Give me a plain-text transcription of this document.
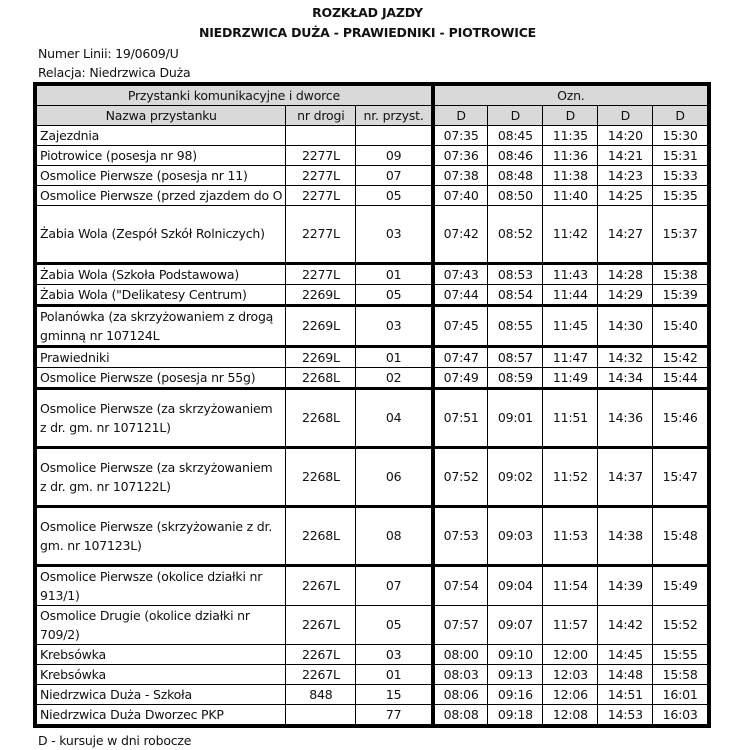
ROZKŁAD JAZDY
NIEDRZWICA DUŻA - PRAWIEDNIKI - PIOTROWICE
Numer Linii: 19/0609/U
Relacja: Niedrzwica Duża
Przystanki komunikacyjne i dworce			Ozn.				
Nazwa przystanku	nr drogi	nr. przyst.	D	D	D	D	D
Zajezdnia			07:35	08:45	11:35	14:20	15:30
Piotrowice (posesja nr 98)	2277L	09	07:36	08:46	11:36	14:21	15:31
Osmolice Pierwsze (posesja nr 11)	2277L	07	07:38	08:48	11:38	14:23	15:33
Osmolice Pierwsze (przed zjazdem do O	2277L	05	07:40	08:50	11:40	14:25	15:35
Żabia Wola (Zespół Szkół Rolniczych)	2277L	03	07:42	08:52	11:42	14:27	15:37
Żabia Wola (Szkoła Podstawowa)	2277L	01	07:43	08:53	11:43	14:28	15:38
Żabia Wola ("Delikatesy Centrum)	2269L	05	07:44	08:54	11:44	14:29	15:39
Polanówka (za skrzyżowaniem z drogą gminną nr 107124L	2269L	03	07:45	08:55	11:45	14:30	15:40
Prawiedniki	2269L	01	07:47	08:57	11:47	14:32	15:42
Osmolice Pierwsze (posesja nr 55g)	2268L	02	07:49	08:59	11:49	14:34	15:44
Osmolice Pierwsze (za skrzyżowaniem z dr. gm. nr 107121L)	2268L	04	07:51	09:01	11:51	14:36	15:46
Osmolice Pierwsze (za skrzyżowaniem z dr. gm. nr 107122L)	2268L	06	07:52	09:02	11:52	14:37	15:47
Osmolice Pierwsze (skrzyżowanie z dr. gm. nr 107123L)	2268L	08	07:53	09:03	11:53	14:38	15:48
Osmolice Pierwsze (okolice działki nr 913/1)	2267L	07	07:54	09:04	11:54	14:39	15:49
Osmolice Drugie (okolice działki nr 709/2)	2267L	05	07:57	09:07	11:57	14:42	15:52
Krebsówka	2267L	03	08:00	09:10	12:00	14:45	15:55
Krebsówka	2267L	01	08:03	09:13	12:03	14:48	15:58
Niedrzwica Duża - Szkoła	848	15	08:06	09:16	12:06	14:51	16:01
Niedrzwica Duża Dworzec PKP		77	08:08	09:18	12:08	14:53	16:03
D - kursuje w dni robocze
